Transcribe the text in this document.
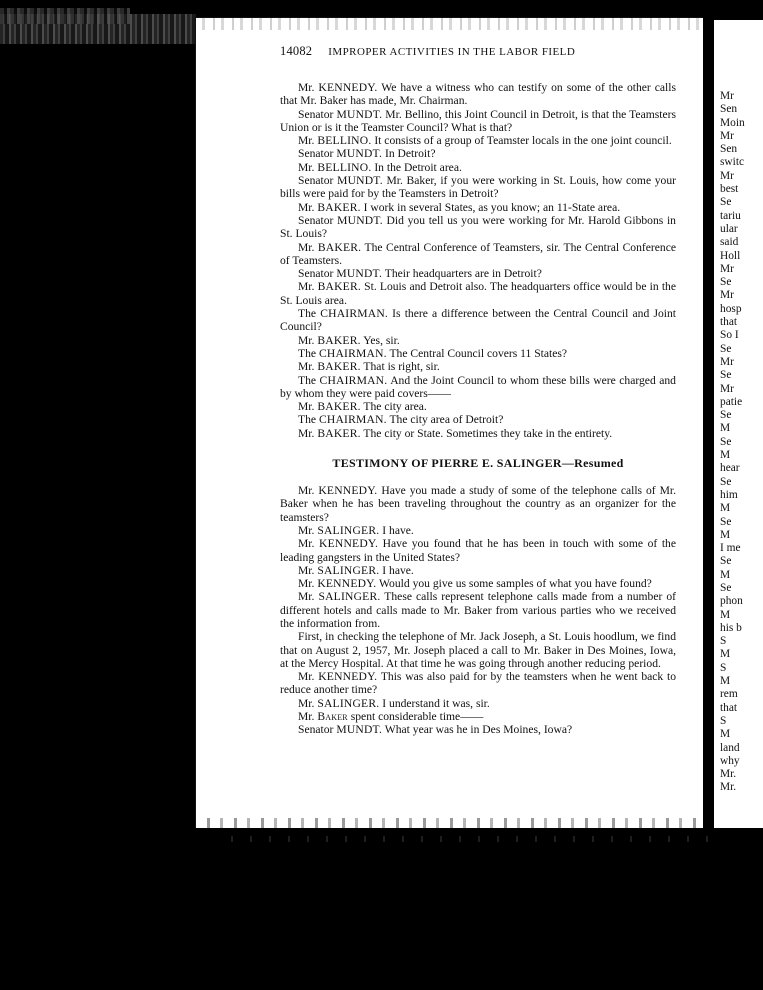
14082 IMPROPER ACTIVITIES IN THE LABOR FIELD

Mr. KENNEDY. We have a witness who can testify on some of the other calls that Mr. Baker has made, Mr. Chairman.

Senator MUNDT. Mr. Bellino, this Joint Council in Detroit, is that the Teamsters Union or is it the Teamster Council? What is that?

Mr. BELLINO. It consists of a group of Teamster locals in the one joint council.

Senator MUNDT. In Detroit?

Mr. BELLINO. In the Detroit area.

Senator MUNDT. Mr. Baker, if you were working in St. Louis, how come your bills were paid for by the Teamsters in Detroit?

Mr. BAKER. I work in several States, as you know; an 11-State area.

Senator MUNDT. Did you tell us you were working for Mr. Harold Gibbons in St. Louis?

Mr. BAKER. The Central Conference of Teamsters, sir. The Central Conference of Teamsters.

Senator MUNDT. Their headquarters are in Detroit?

Mr. BAKER. St. Louis and Detroit also. The headquarters office would be in the St. Louis area.

The CHAIRMAN. Is there a difference between the Central Council and Joint Council?

Mr. BAKER. Yes, sir.

The CHAIRMAN. The Central Council covers 11 States?

Mr. BAKER. That is right, sir.

The CHAIRMAN. And the Joint Council to whom these bills were charged and by whom they were paid covers——

Mr. BAKER. The city area.

The CHAIRMAN. The city area of Detroit?

Mr. BAKER. The city or State. Sometimes they take in the entirety.

TESTIMONY OF PIERRE E. SALINGER—Resumed

Mr. KENNEDY. Have you made a study of some of the telephone calls of Mr. Baker when he has been traveling throughout the country as an organizer for the teamsters?

Mr. SALINGER. I have.

Mr. KENNEDY. Have you found that he has been in touch with some of the leading gangsters in the United States?

Mr. SALINGER. I have.

Mr. KENNEDY. Would you give us some samples of what you have found?

Mr. SALINGER. These calls represent telephone calls made from a number of different hotels and calls made to Mr. Baker from various parties who we received the information from.

First, in checking the telephone of Mr. Jack Joseph, a St. Louis hoodlum, we find that on August 2, 1957, Mr. Joseph placed a call to Mr. Baker in Des Moines, Iowa, at the Mercy Hospital. At that time he was going through another reducing period.

Mr. KENNEDY. This was also paid for by the teamsters when he went back to reduce another time?

Mr. SALINGER. I understand it was, sir.

Mr. Baker spent considerable time——

Senator MUNDT. What year was he in Des Moines, Iowa?

Mr
Sen
Moin
Mr
Sen
switc
Mr
best
Se
tariu
ular
said
Holl
Mr
Se
Mr
hosp
that
So I
Se
Mr
Se
Mr
patie
Se
M
Se
M
hear
Se
him
M
Se
M
I me
Se
M
Se
phon
M
his b
S
M
S
M
rem
that
S
M
land
why
Mr.
Mr.
